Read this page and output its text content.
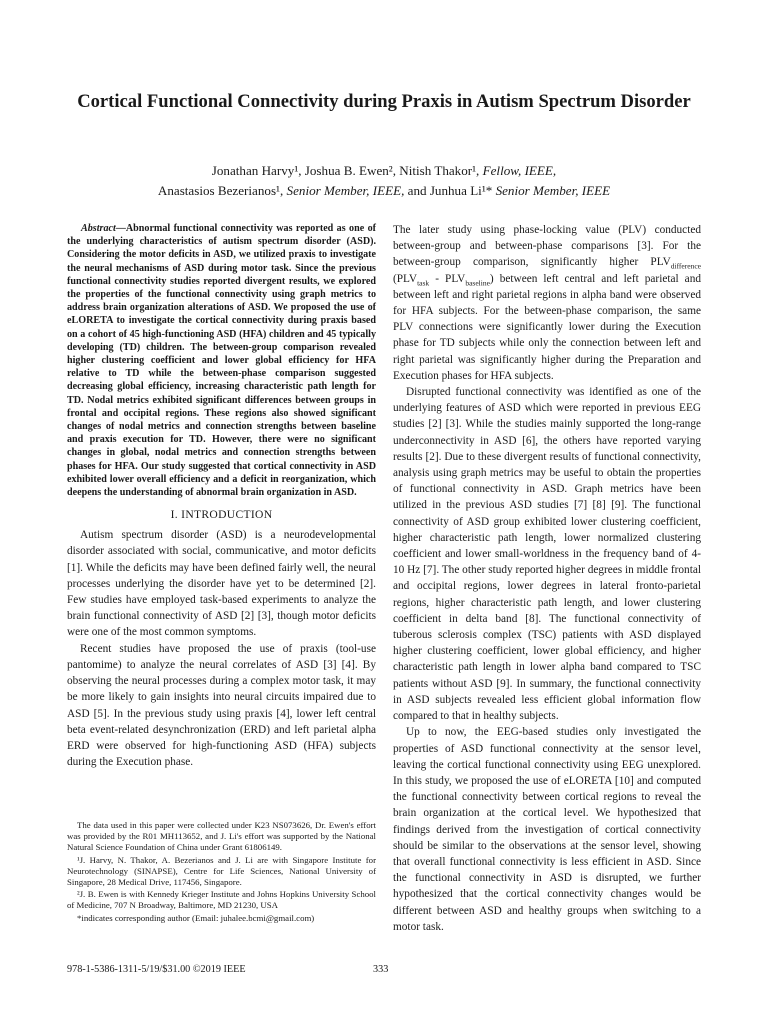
Cortical Functional Connectivity during Praxis in Autism Spectrum Disorder
Jonathan Harvy¹, Joshua B. Ewen², Nitish Thakor¹, Fellow, IEEE,
Anastasios Bezerianos¹, Senior Member, IEEE, and Junhua Li¹* Senior Member, IEEE

Abstract—Abnormal functional connectivity was reported as one of the underlying characteristics of autism spectrum disorder (ASD). Considering the motor deficits in ASD, we utilized praxis to investigate the neural mechanisms of ASD during motor task. Since the previous functional connectivity studies reported divergent results, we explored the properties of the functional connectivity using graph metrics to address brain organization alterations of ASD. We proposed the use of eLORETA to investigate the cortical connectivity during praxis based on a cohort of 45 high-functioning ASD (HFA) children and 45 typically developing (TD) children. The between-group comparison revealed higher clustering coefficient and lower global efficiency for HFA relative to TD while the between-phase comparison suggested decreasing global efficiency, increasing characteristic path length for TD. Nodal metrics exhibited significant differences between groups in frontal and occipital regions. These regions also showed significant changes of nodal metrics and connection strengths between baseline and praxis execution for TD. However, there were no significant changes in global, nodal metrics and connection strengths between phases for HFA. Our study suggested that cortical connectivity in ASD exhibited lower overall efficiency and a deficit in reorganization, which deepens the understanding of abnormal brain organization in ASD.

I. INTRODUCTION

Autism spectrum disorder (ASD) is a neurodevelopmental disorder associated with social, communicative, and motor deficits [1]. While the deficits may have been defined fairly well, the neural processes underlying the disorder have yet to be determined [2]. Few studies have employed task-based experiments to analyze the brain functional connectivity of ASD [2] [3], though motor deficits were one of the most common symptoms.

Recent studies have proposed the use of praxis (tool-use pantomime) to analyze the neural correlates of ASD [3] [4]. By observing the neural processes during a complex motor task, it may be more likely to gain insights into neural circuits impaired due to ASD [5]. In the previous study using praxis [4], lower left central beta event-related desynchronization (ERD) and left parietal alpha ERD were observed for high-functioning ASD (HFA) subjects during the Execution phase.

The later study using phase-locking value (PLV) conducted between-group and between-phase comparisons [3]. For the between-group comparison, significantly higher $PLV_{difference}$ $(PLV_{task} - PLV_{baseline})$ between left central and left parietal and between left and right parietal regions in alpha band were observed for HFA subjects. For the between-phase comparison, the same PLV connections were significantly lower during the Execution phase for TD subjects while only the connection between left and right parietal was significantly higher during the Preparation and Execution phases for HFA subjects.

Disrupted functional connectivity was identified as one of the underlying features of ASD which were reported in previous EEG studies [2] [3]. While the studies mainly supported the long-range underconnectivity in ASD [6], the others have reported varying results [2]. Due to these divergent results of functional connectivity, analysis using graph metrics may be useful to obtain the properties of functional connectivity in ASD. Graph metrics have been utilized in the previous ASD studies [7] [8] [9]. The functional connectivity of ASD group exhibited lower clustering coefficient, higher characteristic path length, lower normalized clustering coefficient and lower small-worldness in the frequency band of 4-10 Hz [7]. The other study reported higher degrees in middle frontal and occipital regions, lower degrees in lateral fronto-parietal regions, higher characteristic path length, and lower clustering coefficient in delta band [8]. The functional connectivity of tuberous sclerosis complex (TSC) patients with ASD displayed higher clustering coefficient, lower global efficiency, and higher characteristic path length in lower alpha band compared to TSC patients without ASD [9]. In summary, the functional connectivity in ASD subjects revealed less efficient global information flow compared to that in healthy subjects.

Up to now, the EEG-based studies only investigated the properties of ASD functional connectivity at the sensor level, leaving the cortical functional connectivity using EEG unexplored. In this study, we proposed the use of eLORETA [10] and computed the functional connectivity between cortical regions to reveal the brain organization at the cortical level. We hypothesized that findings derived from the investigation of cortical connectivity should be similar to the observations at the sensor level, showing that overall functional connectivity is less efficient in ASD. Since the functional connectivity in ASD is disrupted, we further hypothesized that the cortical connectivity changes would be different between ASD and healthy groups when switching to a motor task.

The data used in this paper were collected under K23 NS073626, Dr. Ewen's effort was provided by the R01 MH113652, and J. Li's effort was supported by the National Natural Science Foundation of China under Grant 61806149.

¹J. Harvy, N. Thakor, A. Bezerianos and J. Li are with Singapore Institute for Neurotechnology (SINAPSE), Centre for Life Sciences, National University of Singapore, 28 Medical Drive, 117456, Singapore.

²J. B. Ewen is with Kennedy Krieger Institute and Johns Hopkins University School of Medicine, 707 N Broadway, Baltimore, MD 21230, USA

*indicates corresponding author (Email: juhalee.bcmi@gmail.com)

978-1-5386-1311-5/19/$31.00 ©2019 IEEE	333
